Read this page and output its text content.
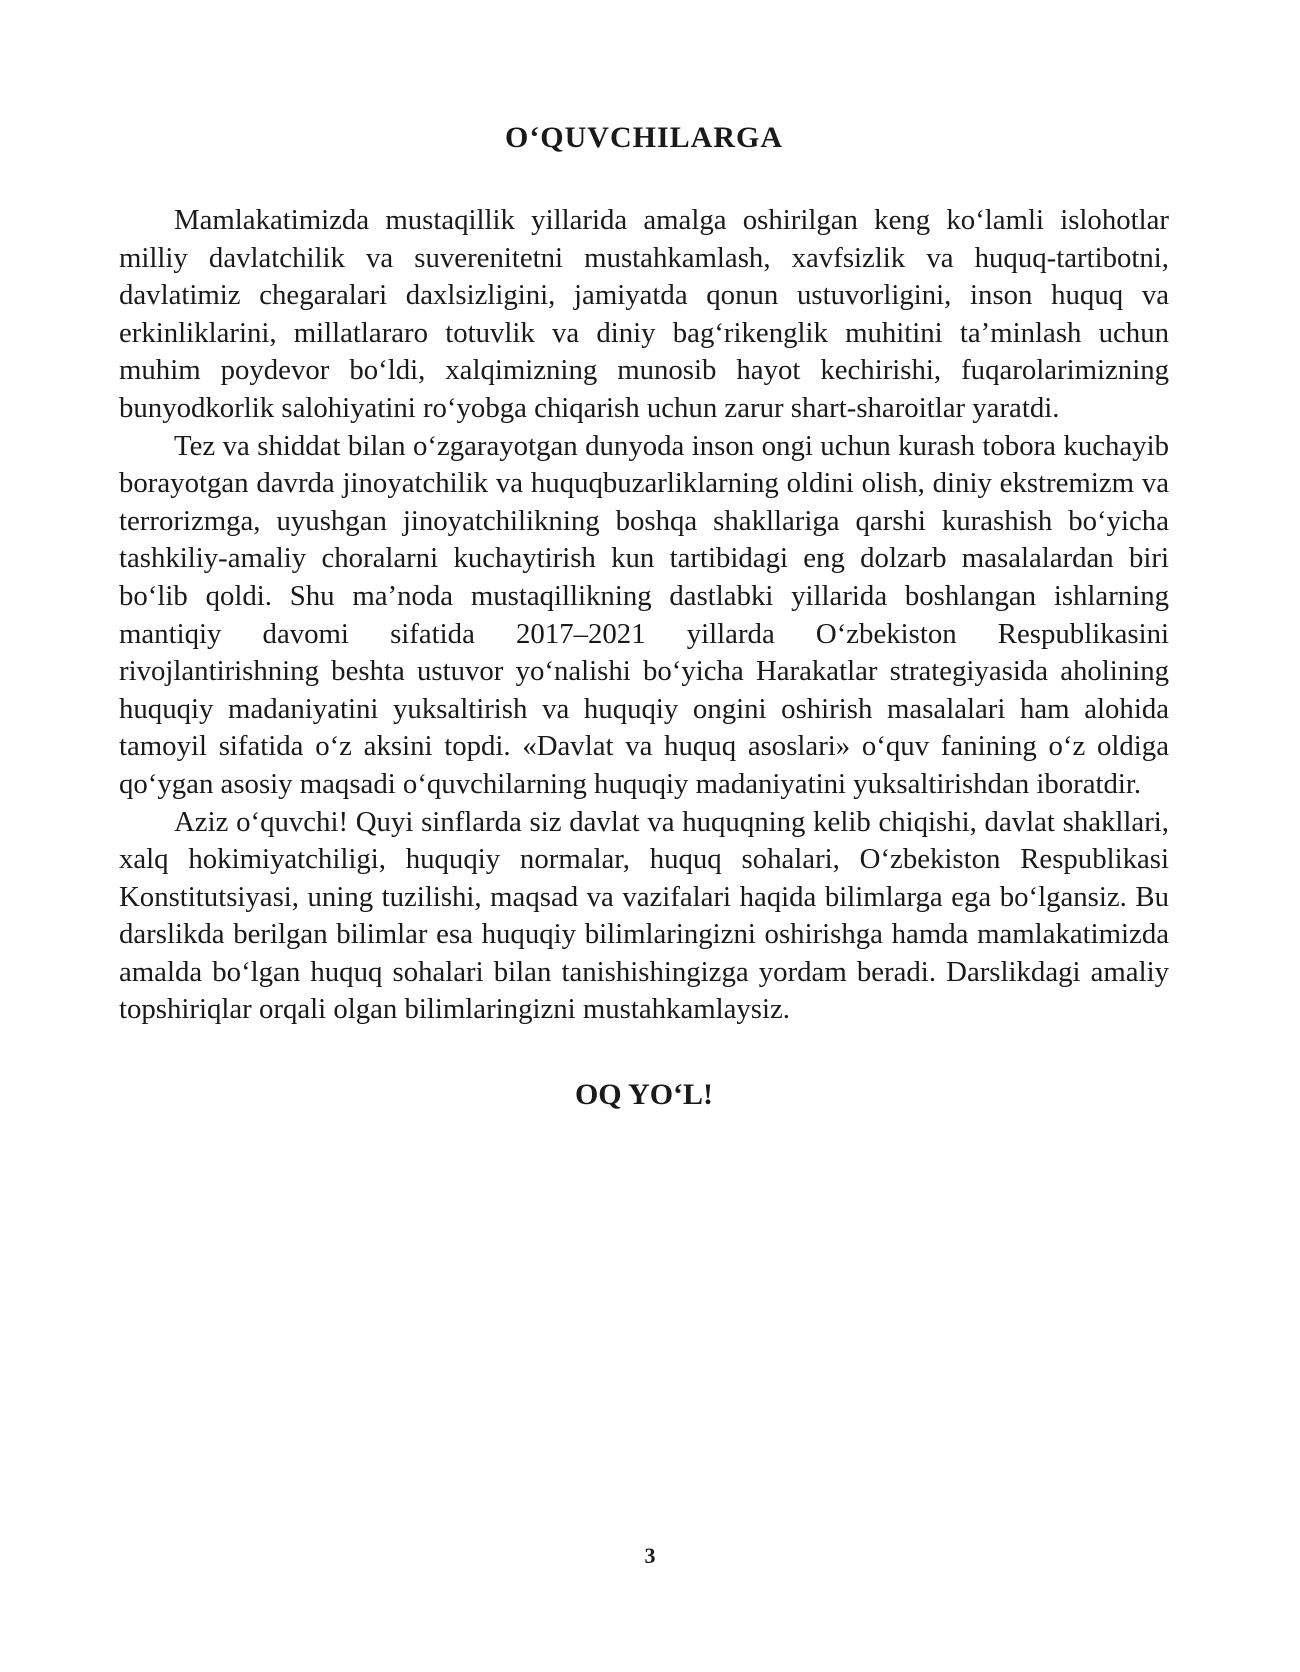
O‘QUVCHILARGA

Mamlakatimizda mustaqillik yillarida amalga oshirilgan keng ko‘lamli islohotlar milliy davlatchilik va suverenitetni mustahkamlash, xavfsizlik va huquq-tartibotni, davlatimiz chegaralari daxlsizligini, jamiyatda qonun ustuvorligini, inson huquq va erkinliklarini, millatlararo totuvlik va diniy bag‘rikenglik muhitini ta’minlash uchun muhim poydevor bo‘ldi, xalqimizning munosib hayot kechirishi, fuqarolarimizning bunyodkorlik salohiyatini ro‘yobga chiqarish uchun zarur shart-sharoitlar yaratdi.

Tez va shiddat bilan o‘zgarayotgan dunyoda inson ongi uchun kurash tobora kuchayib borayotgan davrda jinoyatchilik va huquqbuzarliklarning oldini olish, diniy ekstremizm va terrorizmga, uyushgan jinoyatchilikning boshqa shakllariga qarshi kurashish bo‘yicha tashkiliy-amaliy choralarni kuchaytirish kun tartibidagi eng dolzarb masalalardan biri bo‘lib qoldi. Shu ma’noda mustaqillikning dastlabki yillarida boshlangan ishlarning mantiqiy davomi sifatida 2017–2021 yillarda O‘zbekiston Respublikasini rivojlantirishning beshta ustuvor yo‘nalishi bo‘yicha Harakatlar strategiyasida aholining huquqiy madaniyatini yuksaltirish va huquqiy ongini oshirish masalalari ham alohida tamoyil sifatida o‘z aksini topdi. «Davlat va huquq asoslari» o‘quv fanining o‘z oldiga qo‘ygan asosiy maqsadi o‘quvchilarning huquqiy madaniyatini yuksaltirishdan iboratdir.

Aziz o‘quvchi! Quyi sinflarda siz davlat va huquqning kelib chiqishi, davlat shakllari, xalq hokimiyatchiligi, huquqiy normalar, huquq sohalari, O‘zbekiston Respublikasi Konstitutsiyasi, uning tuzilishi, maqsad va vazifalari haqida bilimlarga ega bo‘lgansiz. Bu darslikda berilgan bilimlar esa huquqiy bilimlaringizni oshirishga hamda mamlakatimizda amalda bo‘lgan huquq sohalari bilan tanishishingizga yordam beradi. Darslikdagi amaliy topshiriqlar orqali olgan bilimlaringizni mustahkamlaysiz.

OQ YO‘L!
3
